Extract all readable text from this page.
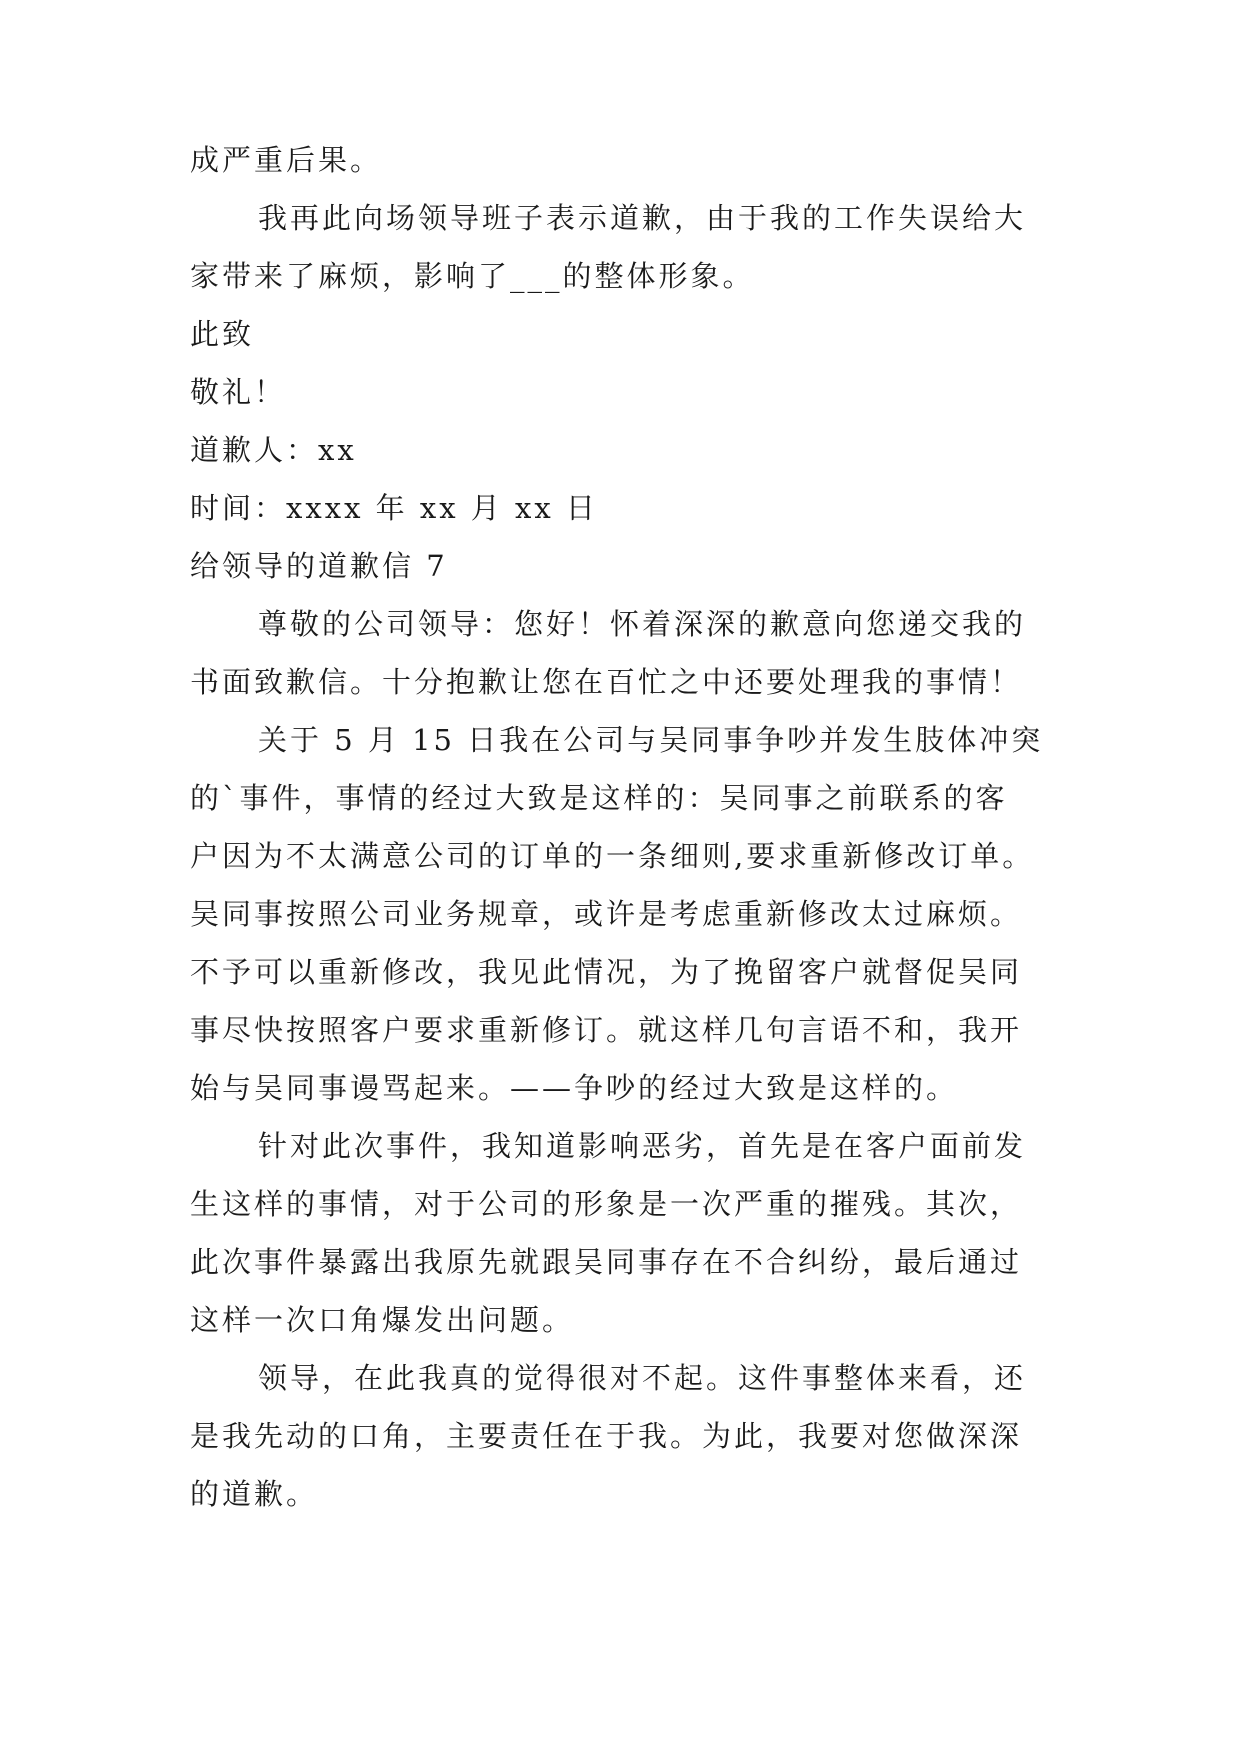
成严重后果。
我再此向场领导班子表示道歉，由于我的工作失误给大
家带来了麻烦，影响了___的整体形象。
此致
敬礼！
道歉人：xx
时间：xxxx 年 xx 月 xx 日
给领导的道歉信 7
尊敬的公司领导：您好！怀着深深的歉意向您递交我的
书面致歉信。十分抱歉让您在百忙之中还要处理我的事情！
关于 5 月 15 日我在公司与吴同事争吵并发生肢体冲突
的`事件，事情的经过大致是这样的：吴同事之前联系的客
户因为不太满意公司的订单的一条细则,要求重新修改订单。
吴同事按照公司业务规章，或许是考虑重新修改太过麻烦。
不予可以重新修改，我见此情况，为了挽留客户就督促吴同
事尽快按照客户要求重新修订。就这样几句言语不和，我开
始与吴同事谩骂起来。——争吵的经过大致是这样的。
针对此次事件，我知道影响恶劣，首先是在客户面前发
生这样的事情，对于公司的形象是一次严重的摧残。其次，
此次事件暴露出我原先就跟吴同事存在不合纠纷，最后通过
这样一次口角爆发出问题。
领导，在此我真的觉得很对不起。这件事整体来看，还
是我先动的口角，主要责任在于我。为此，我要对您做深深
的道歉。
